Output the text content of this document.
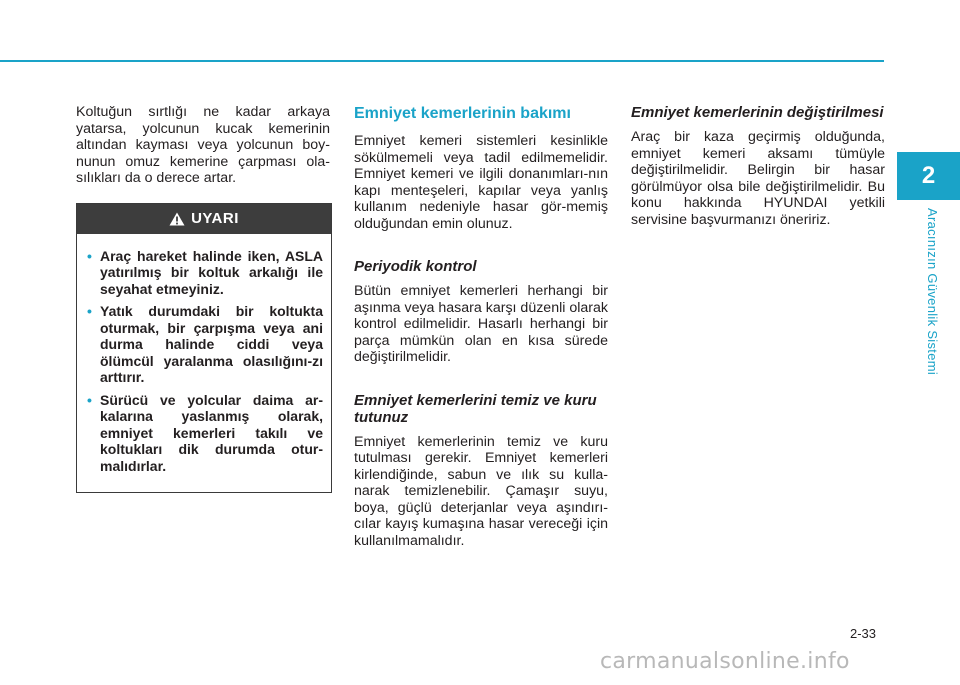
Koltuğun sırtlığı ne kadar arkaya yatarsa, yolcunun kucak kemerinin altından kayması veya yolcunun boy-nunun omuz kemerine çarpması ola-sılıkları da o derece artar.

UYARI
• Araç hareket halinde iken, ASLA yatırılmış bir koltuk arkalığı ile seyahat etmeyiniz.
• Yatık durumdaki bir koltukta oturmak, bir çarpışma veya ani durma halinde ciddi veya ölümcül yaralanma olasılığını-zı arttırır.
• Sürücü ve yolcular daima ar-kalarına yaslanmış olarak, emniyet kemerleri takılı ve koltukları dik durumda otur-malıdırlar.
Emniyet kemerlerinin bakımı

Emniyet kemeri sistemleri kesinlikle sökülmemeli veya tadil edilmemelidir. Emniyet kemeri ve ilgili donanımları-nın kapı menteşeleri, kapılar veya yanlış kullanım nedeniyle hasar gör-memiş olduğundan emin olunuz.

Periyodik kontrol

Bütün emniyet kemerleri herhangi bir aşınma veya hasara karşı düzenli olarak kontrol edilmelidir. Hasarlı herhangi bir parça mümkün olan en kısa sürede değiştirilmelidir.

Emniyet kemerlerini temiz ve kuru tutunuz

Emniyet kemerlerinin temiz ve kuru tutulması gerekir. Emniyet kemerleri kirlendiğinde, sabun ve ılık su kulla-narak temizlenebilir. Çamaşır suyu, boya, güçlü deterjanlar veya aşındırı-cılar kayış kumaşına hasar vereceği için kullanılmamalıdır.

Emniyet kemerlerinin değiştirilmesi

Araç bir kaza geçirmiş olduğunda, emniyet kemeri aksamı tümüyle değiştirilmelidir. Belirgin bir hasar görülmüyor olsa bile değiştirilmelidir. Bu konu hakkında HYUNDAI yetkili servisine başvurmanızı öneririz.

2
Aracınızın Güvenlik Sistemi
2-33
carmanualsonline.info
